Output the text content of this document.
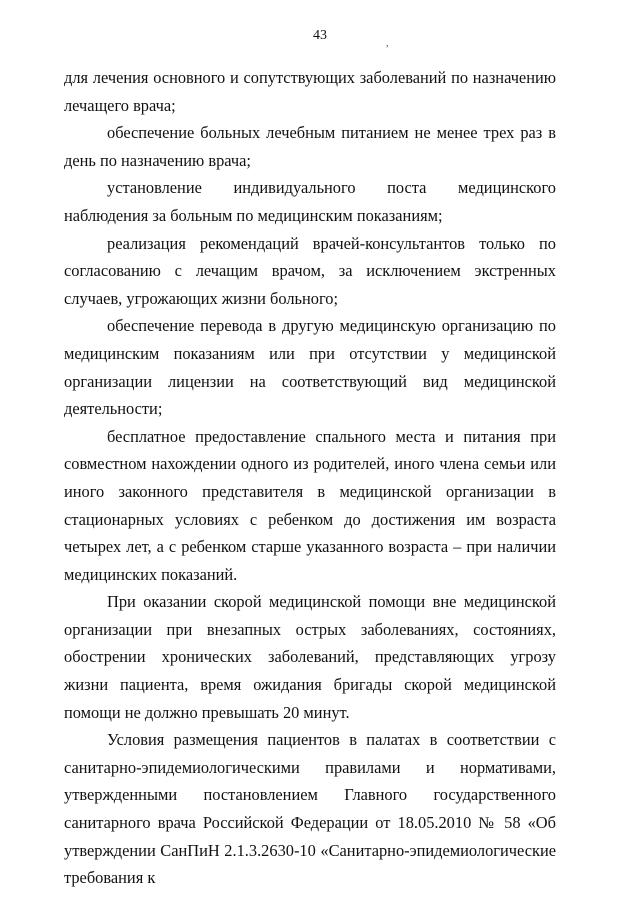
43
,

для лечения основного и сопутствующих заболеваний по назначению лечащего врача;

обеспечение больных лечебным питанием не менее трех раз в день по назначению врача;

установление индивидуального поста медицинского наблюдения за больным по медицинским показаниям;

реализация рекомендаций врачей-консультантов только по согласованию с лечащим врачом, за исключением экстренных случаев, угрожающих жизни больного;

обеспечение перевода в другую медицинскую организацию по медицинским показаниям или при отсутствии у медицинской организации лицензии на соответствующий вид медицинской деятельности;

бесплатное предоставление спального места и питания при совместном нахождении одного из родителей, иного члена семьи или иного законного представителя в медицинской организации в стационарных условиях с ребенком до достижения им возраста четырех лет, а с ребенком старше указанного возраста – при наличии медицинских показаний.

При оказании скорой медицинской помощи вне медицинской организации при внезапных острых заболеваниях, состояниях, обострении хронических заболеваний, представляющих угрозу жизни пациента, время ожидания бригады скорой медицинской помощи не должно превышать 20 минут.

Условия размещения пациентов в палатах в соответствии с санитарно-эпидемиологическими правилами и нормативами, утвержденными постановлением Главного государственного санитарного врача Российской Федерации от 18.05.2010 № 58 «Об утверждении СанПиН 2.1.3.2630-10 «Санитарно-эпидемиологические требования к
